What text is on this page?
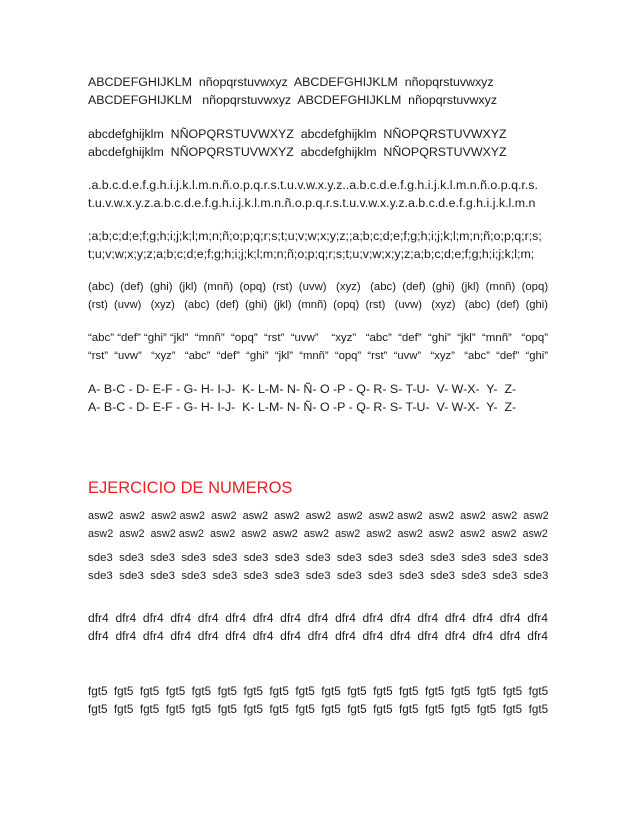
ABCDEFGHIJKLM  nñopqrstuvwxyz  ABCDEFGHIJKLM  nñopqrstuvwxyz
ABCDEFGHIJKLM   nñopqrstuvwxyz  ABCDEFGHIJKLM  nñopqrstuvwxyz
abcdefghijklm  NÑOPQRSTUVWXYZ  abcdefghijklm  NÑOPQRSTUVWXYZ
abcdefghijklm  NÑOPQRSTUVWXYZ  abcdefghijklm  NÑOPQRSTUVWXYZ
.a.b.c.d.e.f.g.h.i.j.k.l.m.n.ñ.o.p.q.r.s.t.u.v.w.x.y.z..a.b.c.d.e.f.g.h.i.j.k.l.m.n.ñ.o.p.q.r.s.
t.u.v.w.x.y.z.a.b.c.d.e.f.g.h.i.j.k.l.m.n.ñ.o.p.q.r.s.t.u.v.w.x.y.z.a.b.c.d.e.f.g.h.i.j.k.l.m.n
;a;b;c;d;e;f;g;h;i;j;k;l;m;n;ñ;o;p;q;r;s;t;u;v;w;x;y;z;;a;b;c;d;e;f;g;h;i;j;k;l;m;n;ñ;o;p;q;r;s;
t;u;v;w;x;y;z;a;b;c;d;e;f;g;h;i;j;k;l;m;n;ñ;o;p;q;r;s;t;u;v;w;x;y;z;a;b;c;d;e;f;g;h;i;j;k;l;m;
(abc)  (def)  (ghi)  (jkl)  (mnñ)  (opq)  (rst)  (uvw)   (xyz)   (abc)  (def)  (ghi)  (jkl)  (mnñ)  (opq)
(rst)  (uvw)   (xyz)   (abc)  (def)  (ghi)  (jkl)  (mnñ)  (opq)  (rst)   (uvw)   (xyz)   (abc)  (def)  (ghi)
“abc” “def” “ghi” “jkl”  “mnñ”  “opq”  “rst”  “uvw”    “xyz”   “abc”  “def”  “ghi”  “jkl”  “mnñ”   “opq”
“rst”  “uvw”   “xyz”   “abc”  “def”  “ghi”  “jkl”  “mnñ”  “opq”  “rst”  “uvw”   “xyz”   “abc”  “def”  “ghi”
A- B-C - D- E-F - G- H- I-J-  K- L-M- N- Ñ- O -P - Q- R- S- T-U-  V- W-X-  Y-  Z-
A- B-C - D- E-F - G- H- I-J-  K- L-M- N- Ñ- O -P - Q- R- S- T-U-  V- W-X-  Y-  Z-
EJERCICIO DE NUMEROS
asw2  asw2  asw2 asw2  asw2  asw2  asw2  asw2  asw2  asw2 asw2  asw2  asw2  asw2  asw2
asw2  asw2  asw2 asw2  asw2  asw2  asw2  asw2  asw2  asw2  asw2  asw2  asw2  asw2  asw2
sde3  sde3  sde3  sde3  sde3  sde3  sde3  sde3  sde3  sde3  sde3  sde3  sde3  sde3  sde3
sde3  sde3  sde3  sde3  sde3  sde3  sde3  sde3  sde3  sde3  sde3  sde3  sde3  sde3  sde3
dfr4  dfr4  dfr4  dfr4  dfr4  dfr4  dfr4  dfr4  dfr4  dfr4  dfr4  dfr4  dfr4  dfr4  dfr4  dfr4  dfr4
dfr4  dfr4  dfr4  dfr4  dfr4  dfr4  dfr4  dfr4  dfr4  dfr4  dfr4  dfr4  dfr4  dfr4  dfr4  dfr4  dfr4
fgt5  fgt5  fgt5  fgt5  fgt5  fgt5  fgt5  fgt5  fgt5  fgt5  fgt5  fgt5  fgt5  fgt5  fgt5  fgt5  fgt5  fgt5
fgt5  fgt5  fgt5  fgt5  fgt5  fgt5  fgt5  fgt5  fgt5  fgt5  fgt5  fgt5  fgt5  fgt5  fgt5  fgt5  fgt5  fgt5
